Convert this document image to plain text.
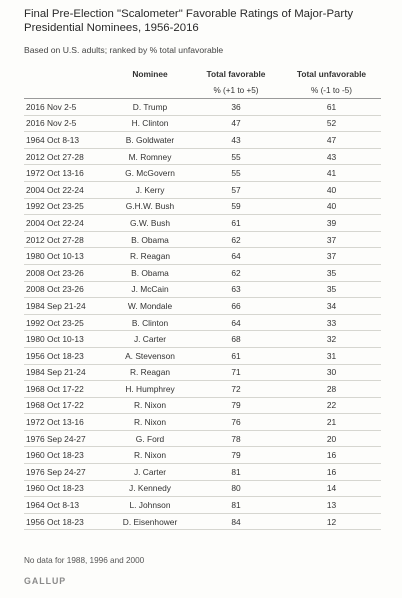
Final Pre-Election "Scalometer" Favorable Ratings of Major-Party Presidential Nominees, 1956-2016
Based on U.S. adults; ranked by % total unfavorable
	Nominee	Total favorable	Total unfavorable
		% (+1 to +5)	% (-1 to -5)
2016 Nov 2-5	D. Trump	36	61
2016 Nov 2-5	H. Clinton	47	52
1964 Oct 8-13	B. Goldwater	43	47
2012 Oct 27-28	M. Romney	55	43
1972 Oct 13-16	G. McGovern	55	41
2004 Oct 22-24	J. Kerry	57	40
1992 Oct 23-25	G.H.W. Bush	59	40
2004 Oct 22-24	G.W. Bush	61	39
2012 Oct 27-28	B. Obama	62	37
1980 Oct 10-13	R. Reagan	64	37
2008 Oct 23-26	B. Obama	62	35
2008 Oct 23-26	J. McCain	63	35
1984 Sep 21-24	W. Mondale	66	34
1992 Oct 23-25	B. Clinton	64	33
1980 Oct 10-13	J. Carter	68	32
1956 Oct 18-23	A. Stevenson	61	31
1984 Sep 21-24	R. Reagan	71	30
1968 Oct 17-22	H. Humphrey	72	28
1968 Oct 17-22	R. Nixon	79	22
1972 Oct 13-16	R. Nixon	76	21
1976 Sep 24-27	G. Ford	78	20
1960 Oct 18-23	R. Nixon	79	16
1976 Sep 24-27	J. Carter	81	16
1960 Oct 18-23	J. Kennedy	80	14
1964 Oct 8-13	L. Johnson	81	13
1956 Oct 18-23	D. Eisenhower	84	12
No data for 1988, 1996 and 2000
GALLUP
